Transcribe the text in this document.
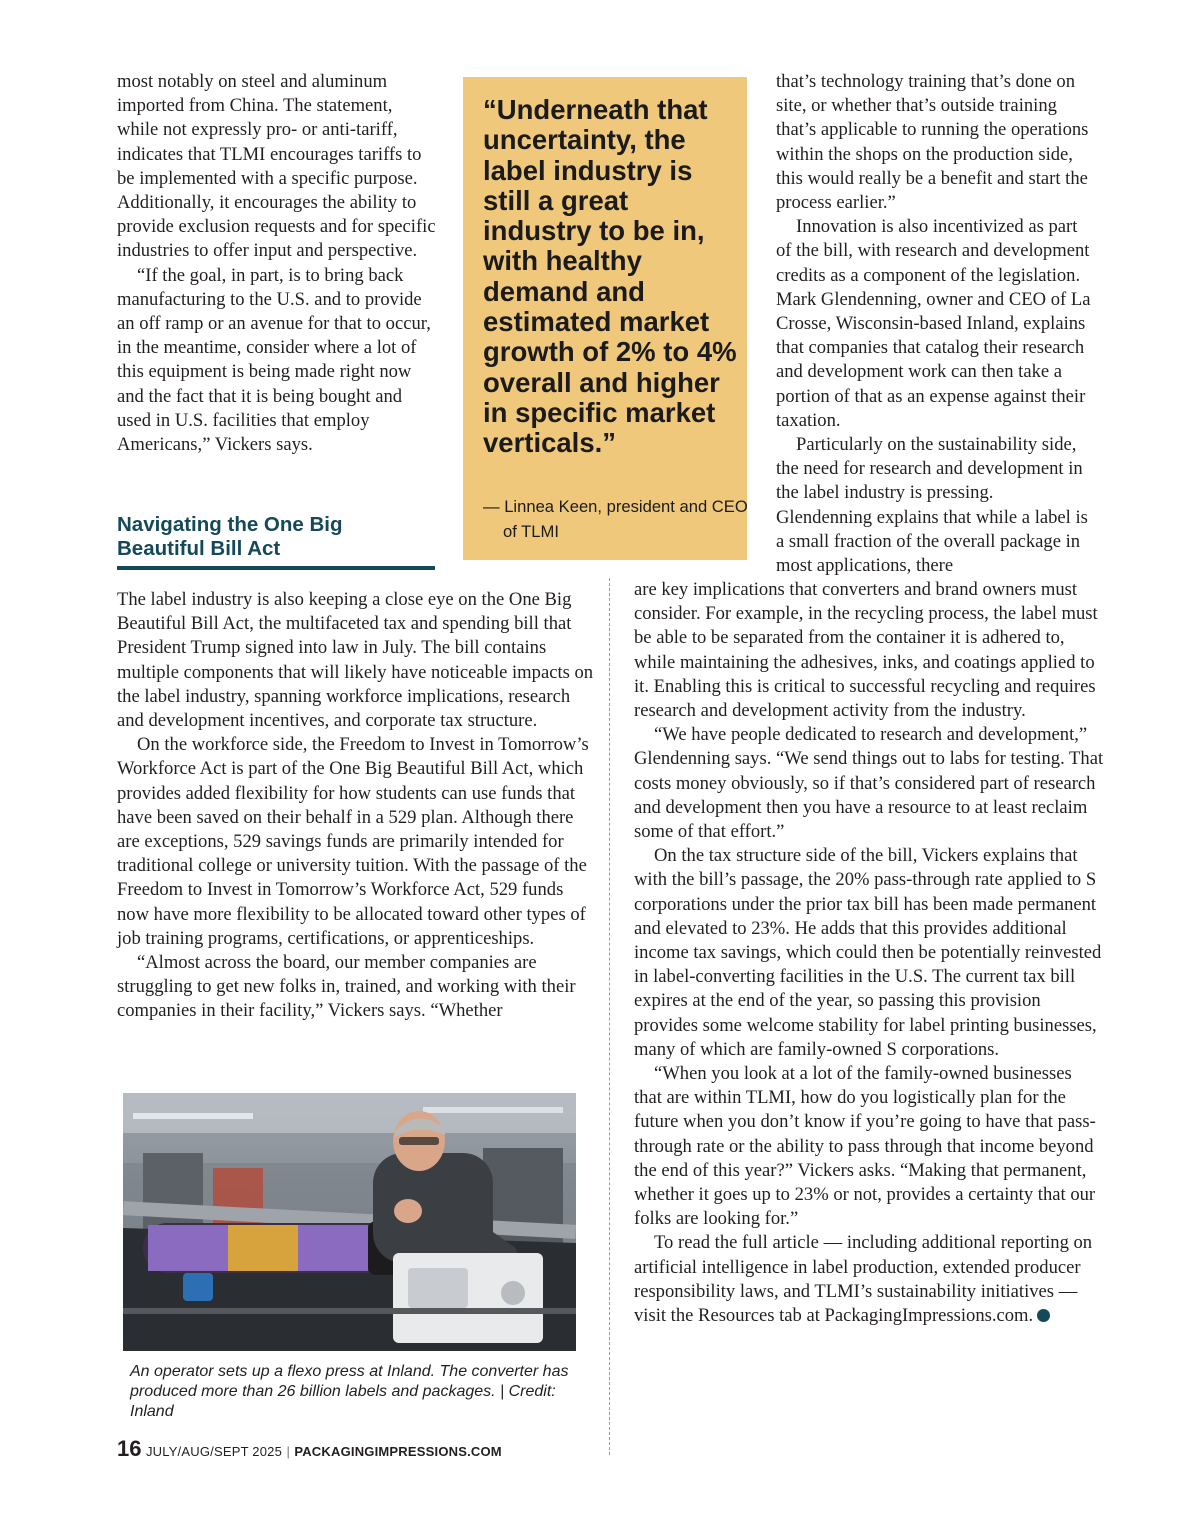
most notably on steel and aluminum imported from China. The statement, while not expressly pro- or anti-tariff, indicates that TLMI encourages tariffs to be implemented with a specific purpose. Additionally, it encourages the ability to provide exclusion requests and for specific industries to offer input and perspective.

“If the goal, in part, is to bring back manufacturing to the U.S. and to provide an off ramp or an avenue for that to occur, in the meantime, consider where a lot of this equipment is being made right now and the fact that it is being bought and used in U.S. facilities that employ Americans,” Vickers says.

Navigating the One Big Beautiful Bill Act

The label industry is also keeping a close eye on the One Big Beautiful Bill Act, the multifaceted tax and spending bill that President Trump signed into law in July. The bill contains multiple components that will likely have noticeable impacts on the label industry, spanning workforce implications, research and development incentives, and corporate tax structure.

On the workforce side, the Freedom to Invest in Tomorrow’s Workforce Act is part of the One Big Beautiful Bill Act, which provides added flexibility for how students can use funds that have been saved on their behalf in a 529 plan. Although there are exceptions, 529 savings funds are primarily intended for traditional college or university tuition. With the passage of the Freedom to Invest in Tomorrow’s Workforce Act, 529 funds now have more flexibility to be allocated toward other types of job training programs, certifications, or apprenticeships.

“Almost across the board, our member companies are struggling to get new folks in, trained, and working with their companies in their facility,” Vickers says. “Whether

“Underneath that uncertainty, the label industry is still a great industry to be in, with healthy demand and estimated market growth of 2% to 4% overall and higher in specific market verticals.”
— Linnea Keen, president and CEO of TLMI

that’s technology training that’s done on site, or whether that’s outside training that’s applicable to running the operations within the shops on the production side, this would really be a benefit and start the process earlier.”

Innovation is also incentivized as part of the bill, with research and development credits as a component of the legislation. Mark Glendenning, owner and CEO of La Crosse, Wisconsin-based Inland, explains that companies that catalog their research and development work can then take a portion of that as an expense against their taxation.

Particularly on the sustainability side, the need for research and development in the label industry is pressing. Glendenning explains that while a label is a small fraction of the overall package in most applications, there

are key implications that converters and brand owners must consider. For example, in the recycling process, the label must be able to be separated from the container it is adhered to, while maintaining the adhesives, inks, and coatings applied to it. Enabling this is critical to successful recycling and requires research and development activity from the industry.

“We have people dedicated to research and development,” Glendenning says. “We send things out to labs for testing. That costs money obviously, so if that’s considered part of research and development then you have a resource to at least reclaim some of that effort.”

On the tax structure side of the bill, Vickers explains that with the bill’s passage, the 20% pass-through rate applied to S corporations under the prior tax bill has been made permanent and elevated to 23%. He adds that this provides additional income tax savings, which could then be potentially reinvested in label-converting facilities in the U.S. The current tax bill expires at the end of the year, so passing this provision provides some welcome stability for label printing businesses, many of which are family-owned S corporations.

“When you look at a lot of the family-owned businesses that are within TLMI, how do you logistically plan for the future when you don’t know if you’re going to have that pass-through rate or the ability to pass through that income beyond the end of this year?” Vickers asks. “Making that permanent, whether it goes up to 23% or not, provides a certainty that our folks are looking for.”

To read the full article — including additional reporting on artificial intelligence in label production, extended producer responsibility laws, and TLMI’s sustainability initiatives — visit the Resources tab at PackagingImpressions.com.

An operator sets up a flexo press at Inland. The converter has produced more than 26 billion labels and packages. | Credit: Inland
16 JULY/AUG/SEPT 2025 | PACKAGINGIMPRESSIONS.COM
